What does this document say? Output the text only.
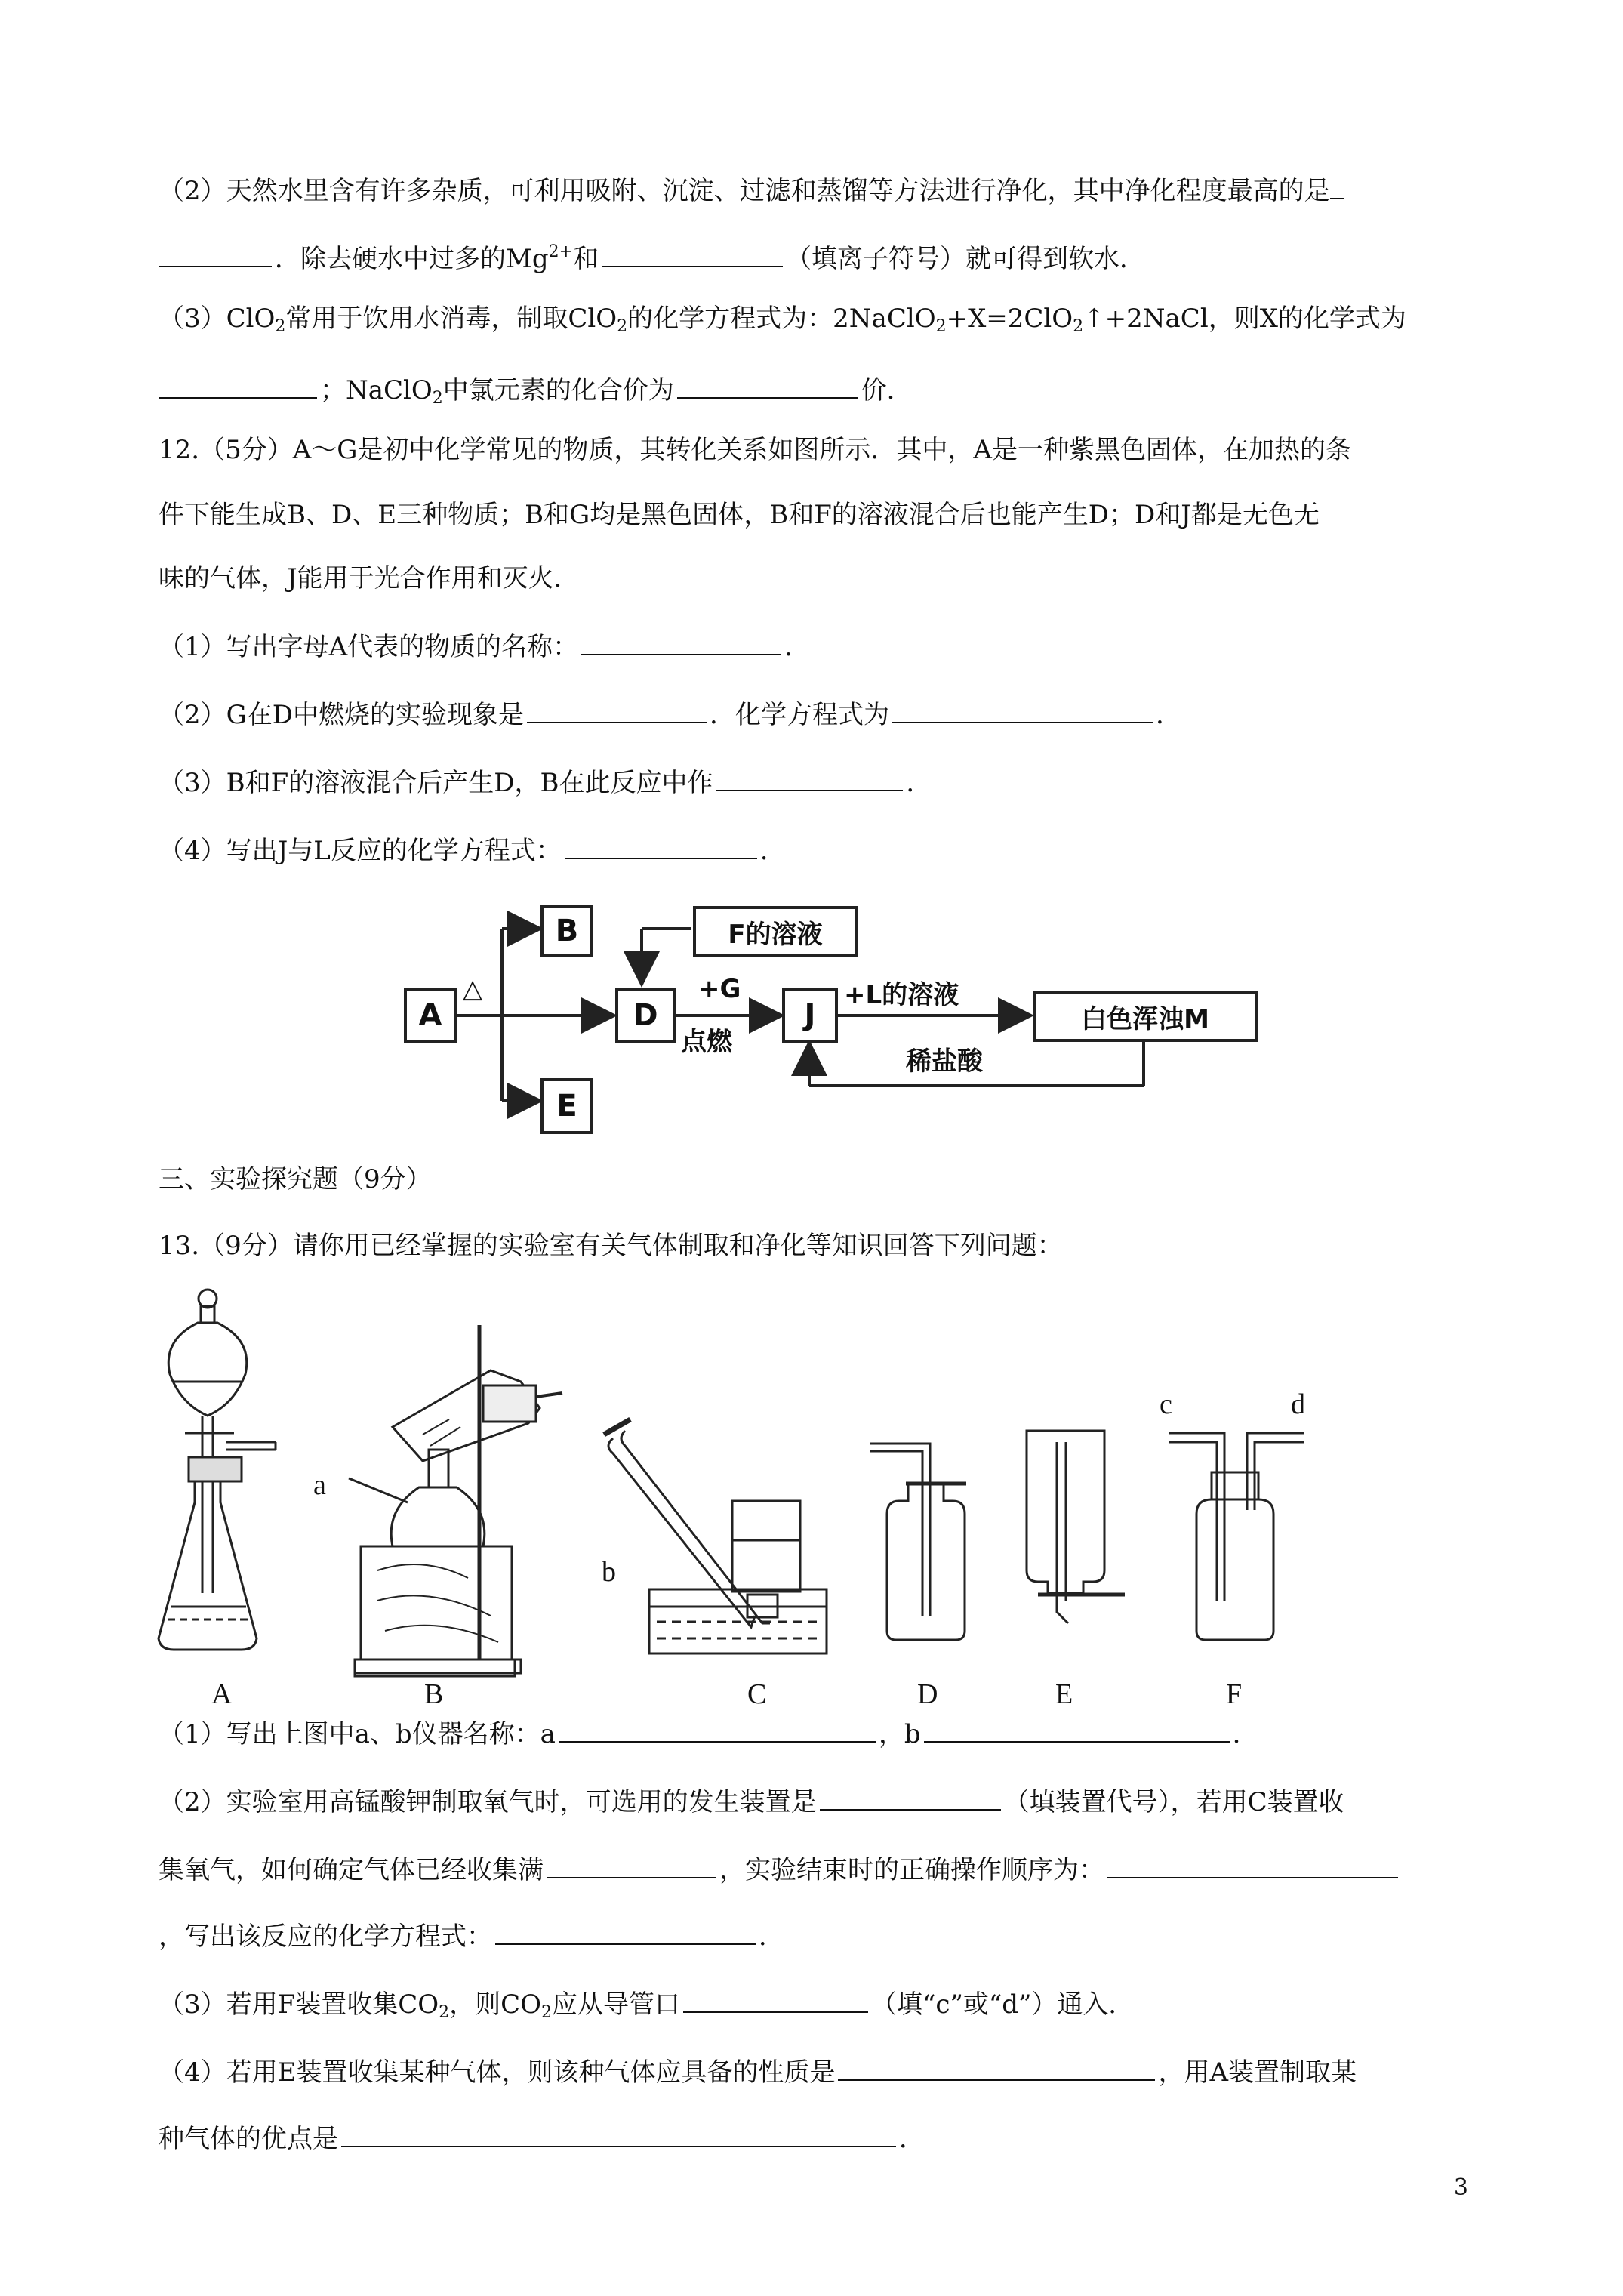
（2）天然水里含有许多杂质，可利用吸附、沉淀、过滤和蒸馏等方法进行净化，其中净化程度最高的是
．除去硬水中过多的$Mg^{2+}$和	（填离子符号）就可得到软水．
（3）ClO$_2$常用于饮用水消毒，制取ClO$_2$的化学方程式为：2NaClO$_2$+X=2ClO$_2$↑+2NaCl，则X的化学式为
；NaClO$_2$中氯元素的化合价为	价．
12.（5分）A～G是初中化学常见的物质，其转化关系如图所示．其中，A是一种紫黑色固体，在加热的条
件下能生成B、D、E三种物质；B和G均是黑色固体，B和F的溶液混合后也能产生D；D和J都是无色无
味的气体，J能用于光合作用和灭火．
（1）写出字母A代表的物质的名称：	．
（2）G在D中燃烧的实验现象是	．化学方程式为	．
（3）B和F的溶液混合后产生D，B在此反应中作	．
（4）写出J与L反应的化学方程式：	．
A
B	F的溶液
D	J	白色浑浊M
E
△	+G
点燃
+L的溶液
稀盐酸
三、实验探究题（9分）
13.（9分）请你用已经掌握的实验室有关气体制取和净化等知识回答下列问题：
a
b
c	d
A	B	C	D	E	F
（1）写出上图中a、b仪器名称：a	，b	．
（2）实验室用高锰酸钾制取氧气时，可选用的发生装置是	（填装置代号），若用C装置收
集氧气，如何确定气体已经收集满	，实验结束时的正确操作顺序为：
，写出该反应的化学方程式：	．
（3）若用F装置收集$CO_2$，则$CO_2$应从导管口	（填“c”或“d”）通入．
（4）若用E装置收集某种气体，则该种气体应具备的性质是	，用A装置制取某
种气体的优点是	．
3
